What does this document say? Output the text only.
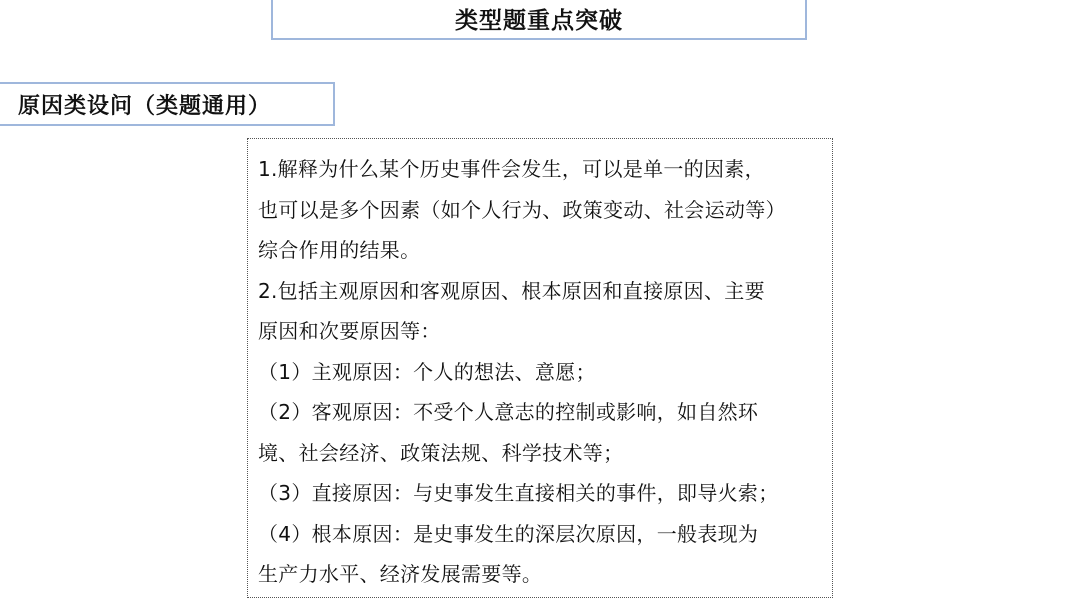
类型题重点突破
原因类设问（类题通用）
1.解释为什么某个历史事件会发生，可以是单一的因素，
也可以是多个因素（如个人行为、政策变动、社会运动等）
综合作用的结果。
2.包括主观原因和客观原因、根本原因和直接原因、主要
原因和次要原因等：
（1）主观原因：个人的想法、意愿；
（2）客观原因：不受个人意志的控制或影响，如自然环
境、社会经济、政策法规、科学技术等；
（3）直接原因：与史事发生直接相关的事件，即导火索；
（4）根本原因：是史事发生的深层次原因，一般表现为
生产力水平、经济发展需要等。
